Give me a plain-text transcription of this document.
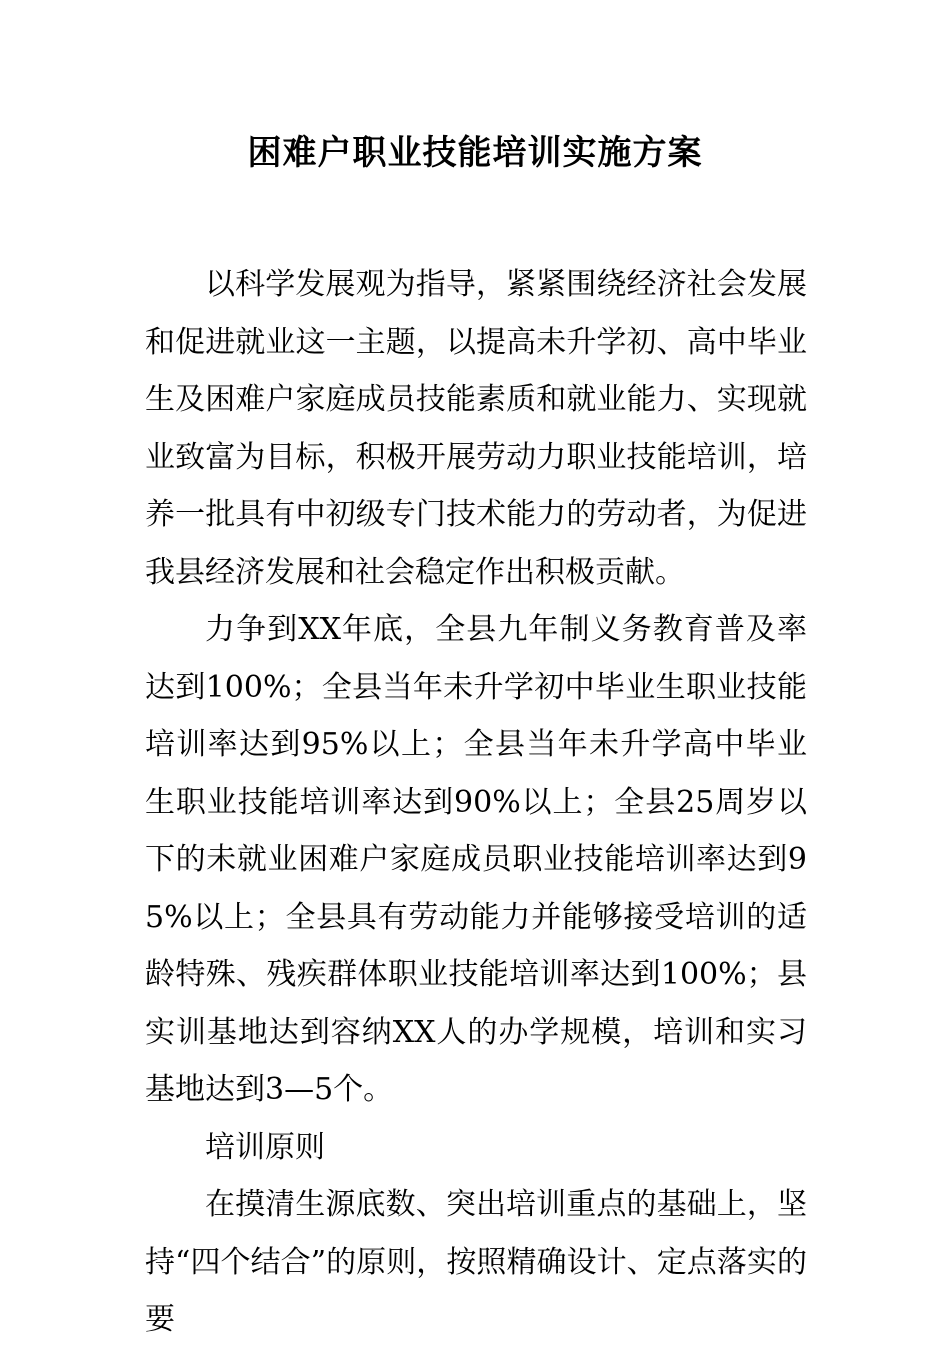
困难户职业技能培训实施方案

以科学发展观为指导，紧紧围绕经济社会发展和促进就业这一主题，以提高未升学初、高中毕业生及困难户家庭成员技能素质和就业能力、实现就业致富为目标，积极开展劳动力职业技能培训，培养一批具有中初级专门技术能力的劳动者，为促进我县经济发展和社会稳定作出积极贡献。

力争到XX年底，全县九年制义务教育普及率达到100%；全县当年未升学初中毕业生职业技能培训率达到95%以上；全县当年未升学高中毕业生职业技能培训率达到90%以上；全县25周岁以下的未就业困难户家庭成员职业技能培训率达到95%以上；全县具有劳动能力并能够接受培训的适龄特殊、残疾群体职业技能培训率达到100%；县实训基地达到容纳XX人的办学规模，培训和实习基地达到3—5个。

培训原则

在摸清生源底数、突出培训重点的基础上，坚持“四个结合”的原则，按照精确设计、定点落实的要
